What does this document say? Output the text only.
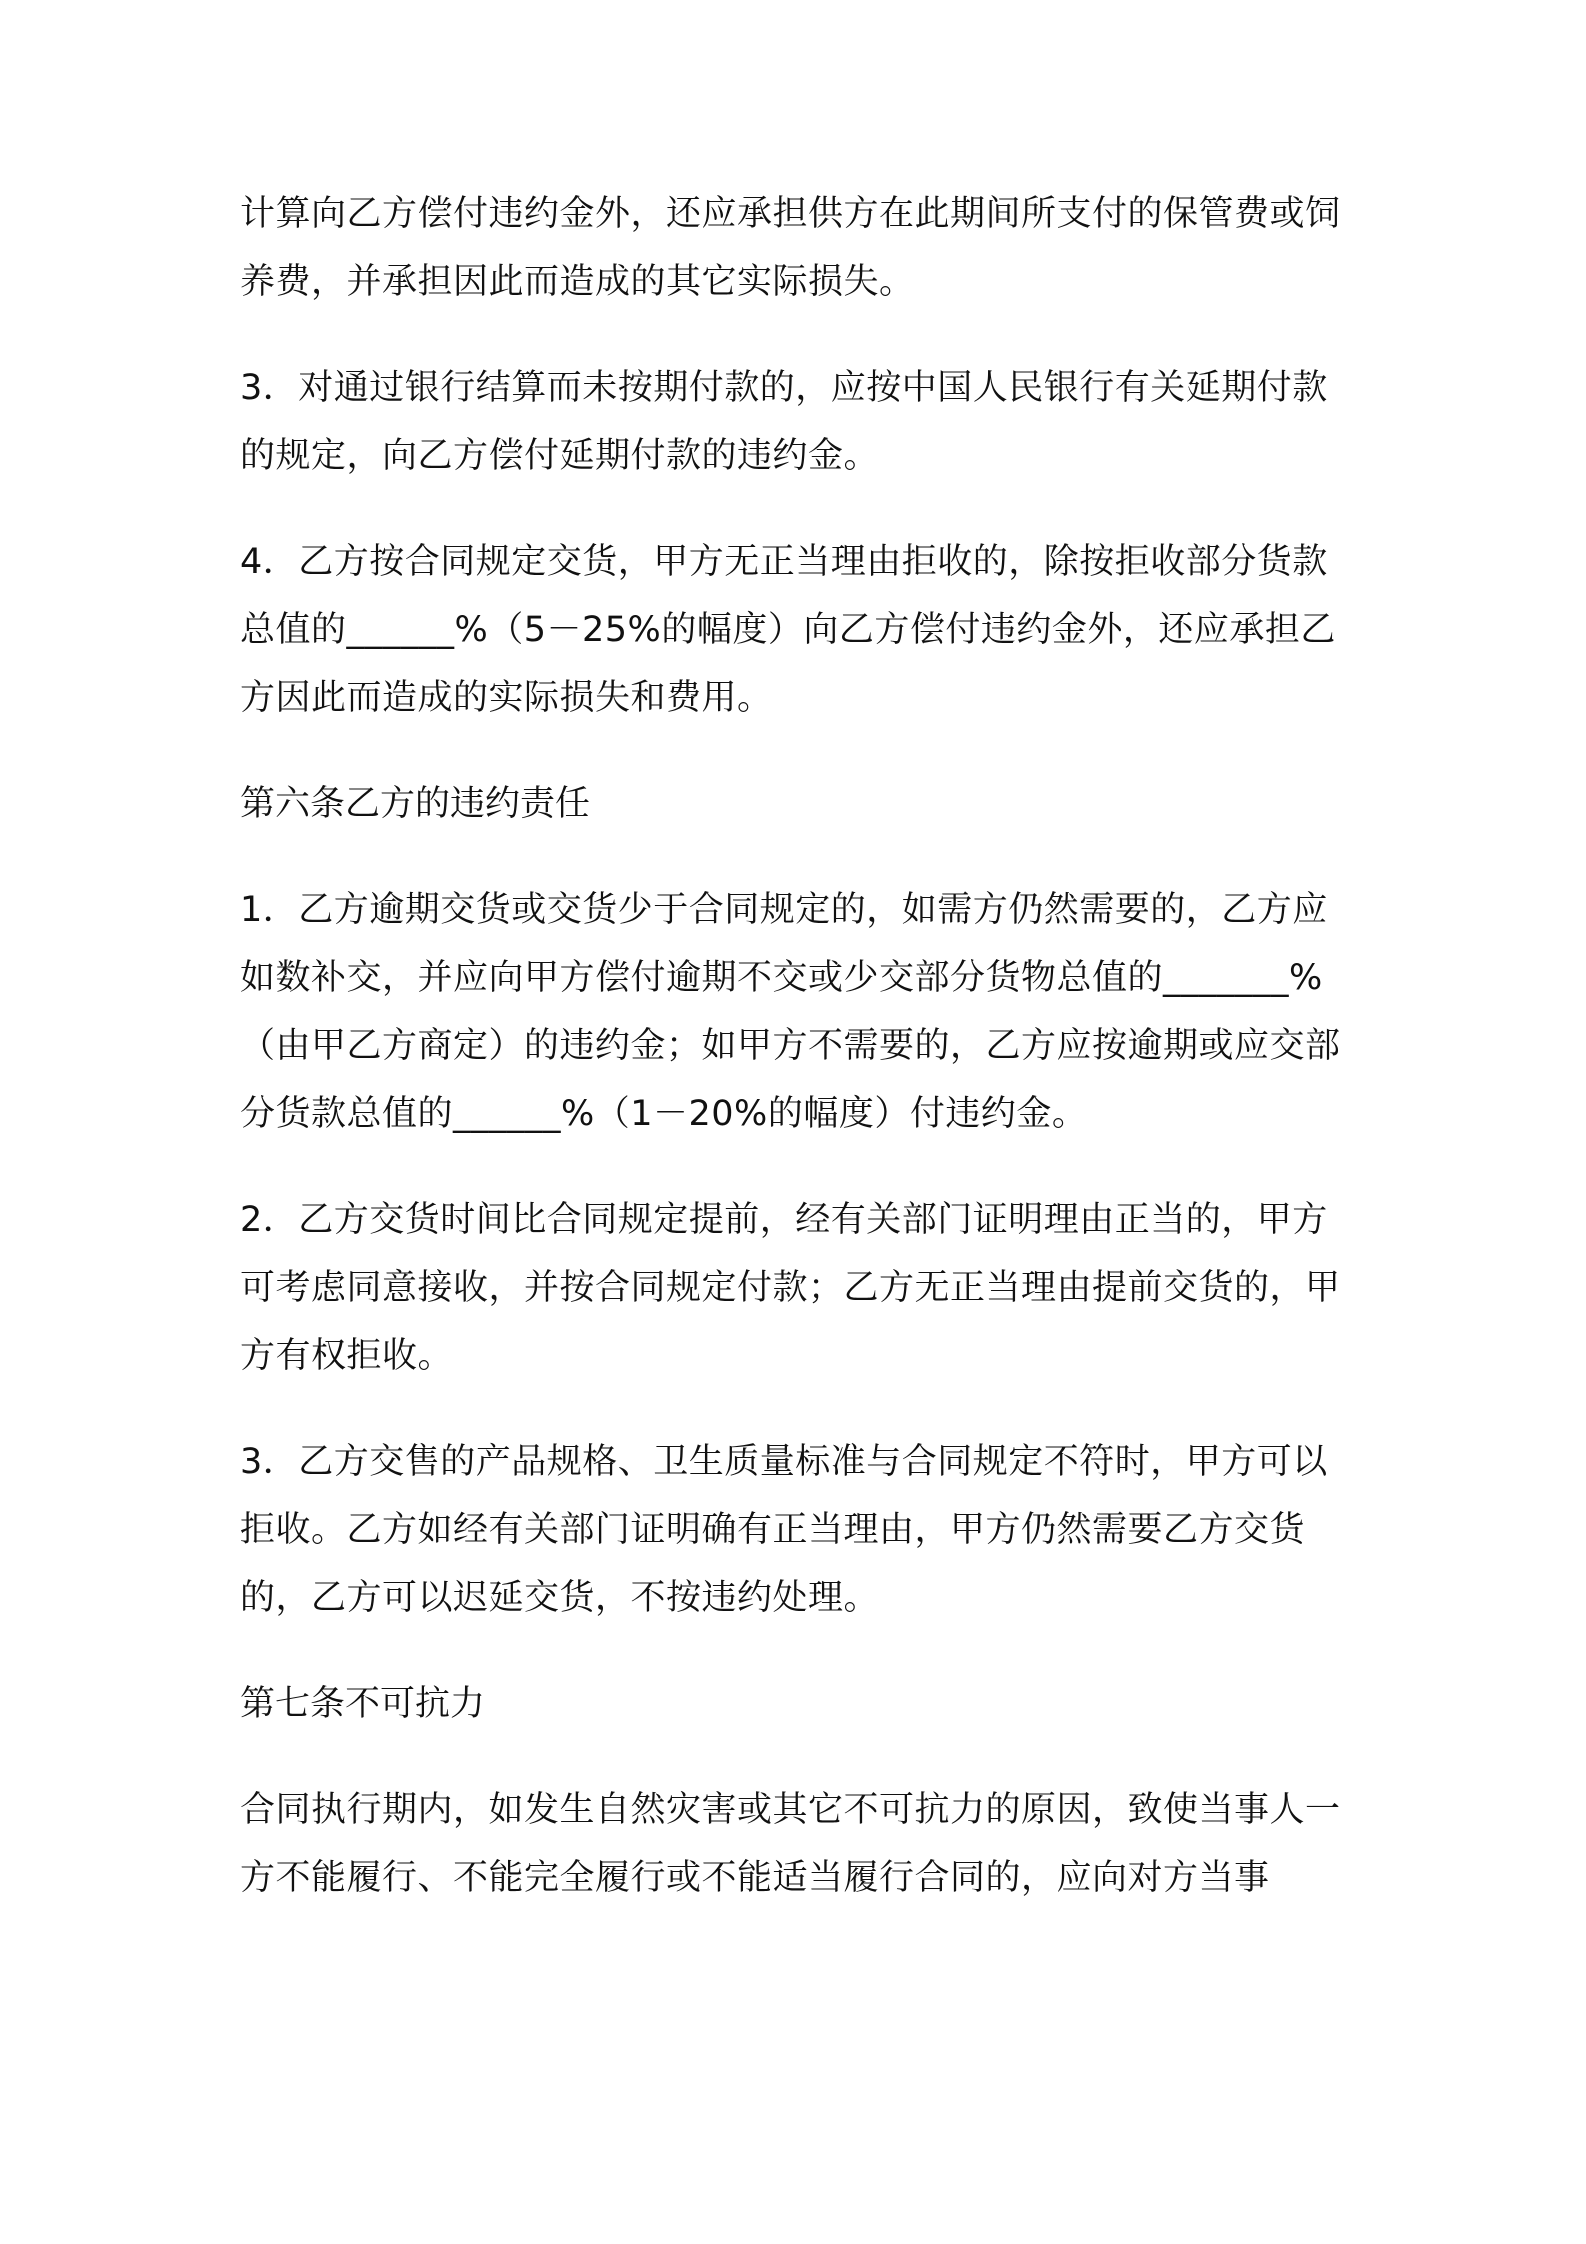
计算向乙方偿付违约金外，还应承担供方在此期间所支付的保管费或饲养费，并承担因此而造成的其它实际损失。

3．对通过银行结算而未按期付款的，应按中国人民银行有关延期付款的规定，向乙方偿付延期付款的违约金。

4．乙方按合同规定交货，甲方无正当理由拒收的，除按拒收部分货款总值的______%（5－25%的幅度）向乙方偿付违约金外，还应承担乙方因此而造成的实际损失和费用。

第六条乙方的违约责任

1．乙方逾期交货或交货少于合同规定的，如需方仍然需要的，乙方应如数补交，并应向甲方偿付逾期不交或少交部分货物总值的_______%（由甲乙方商定）的违约金；如甲方不需要的，乙方应按逾期或应交部分货款总值的______%（1－20%的幅度）付违约金。

2．乙方交货时间比合同规定提前，经有关部门证明理由正当的，甲方可考虑同意接收，并按合同规定付款；乙方无正当理由提前交货的，甲方有权拒收。

3．乙方交售的产品规格、卫生质量标准与合同规定不符时，甲方可以拒收。乙方如经有关部门证明确有正当理由，甲方仍然需要乙方交货的，乙方可以迟延交货，不按违约处理。

第七条不可抗力

合同执行期内，如发生自然灾害或其它不可抗力的原因，致使当事人一方不能履行、不能完全履行或不能适当履行合同的，应向对方当事
